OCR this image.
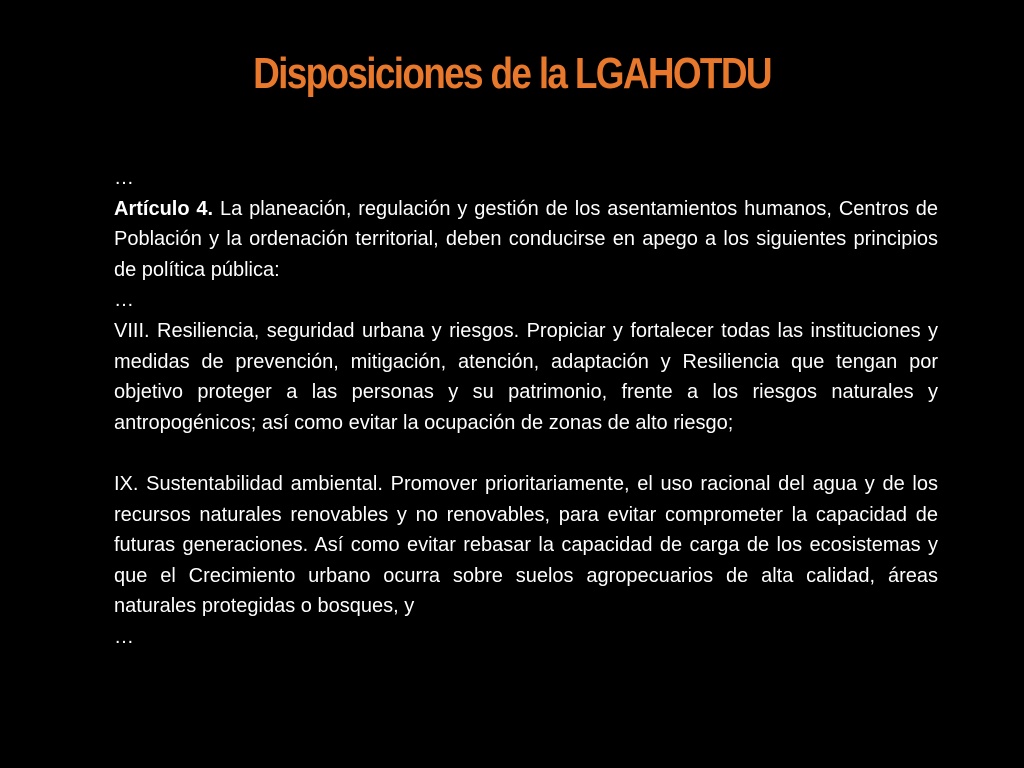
Disposiciones de la LGAHOTDU

…

Artículo 4. La planeación, regulación y gestión de los asentamientos humanos, Centros de Población y la ordenación territorial, deben conducirse en apego a los siguientes principios de política pública:

…

VIII. Resiliencia, seguridad urbana y riesgos. Propiciar y fortalecer todas las instituciones y medidas de prevención, mitigación, atención, adaptación y Resiliencia que tengan por objetivo proteger a las personas y su patrimonio, frente a los riesgos naturales y antropogénicos; así como evitar la ocupación de zonas de alto riesgo;

IX. Sustentabilidad ambiental. Promover prioritariamente, el uso racional del agua y de los recursos naturales renovables y no renovables, para evitar comprometer la capacidad de futuras generaciones. Así como evitar rebasar la capacidad de carga de los ecosistemas y que el Crecimiento urbano ocurra sobre suelos agropecuarios de alta calidad, áreas naturales protegidas o bosques, y

…
